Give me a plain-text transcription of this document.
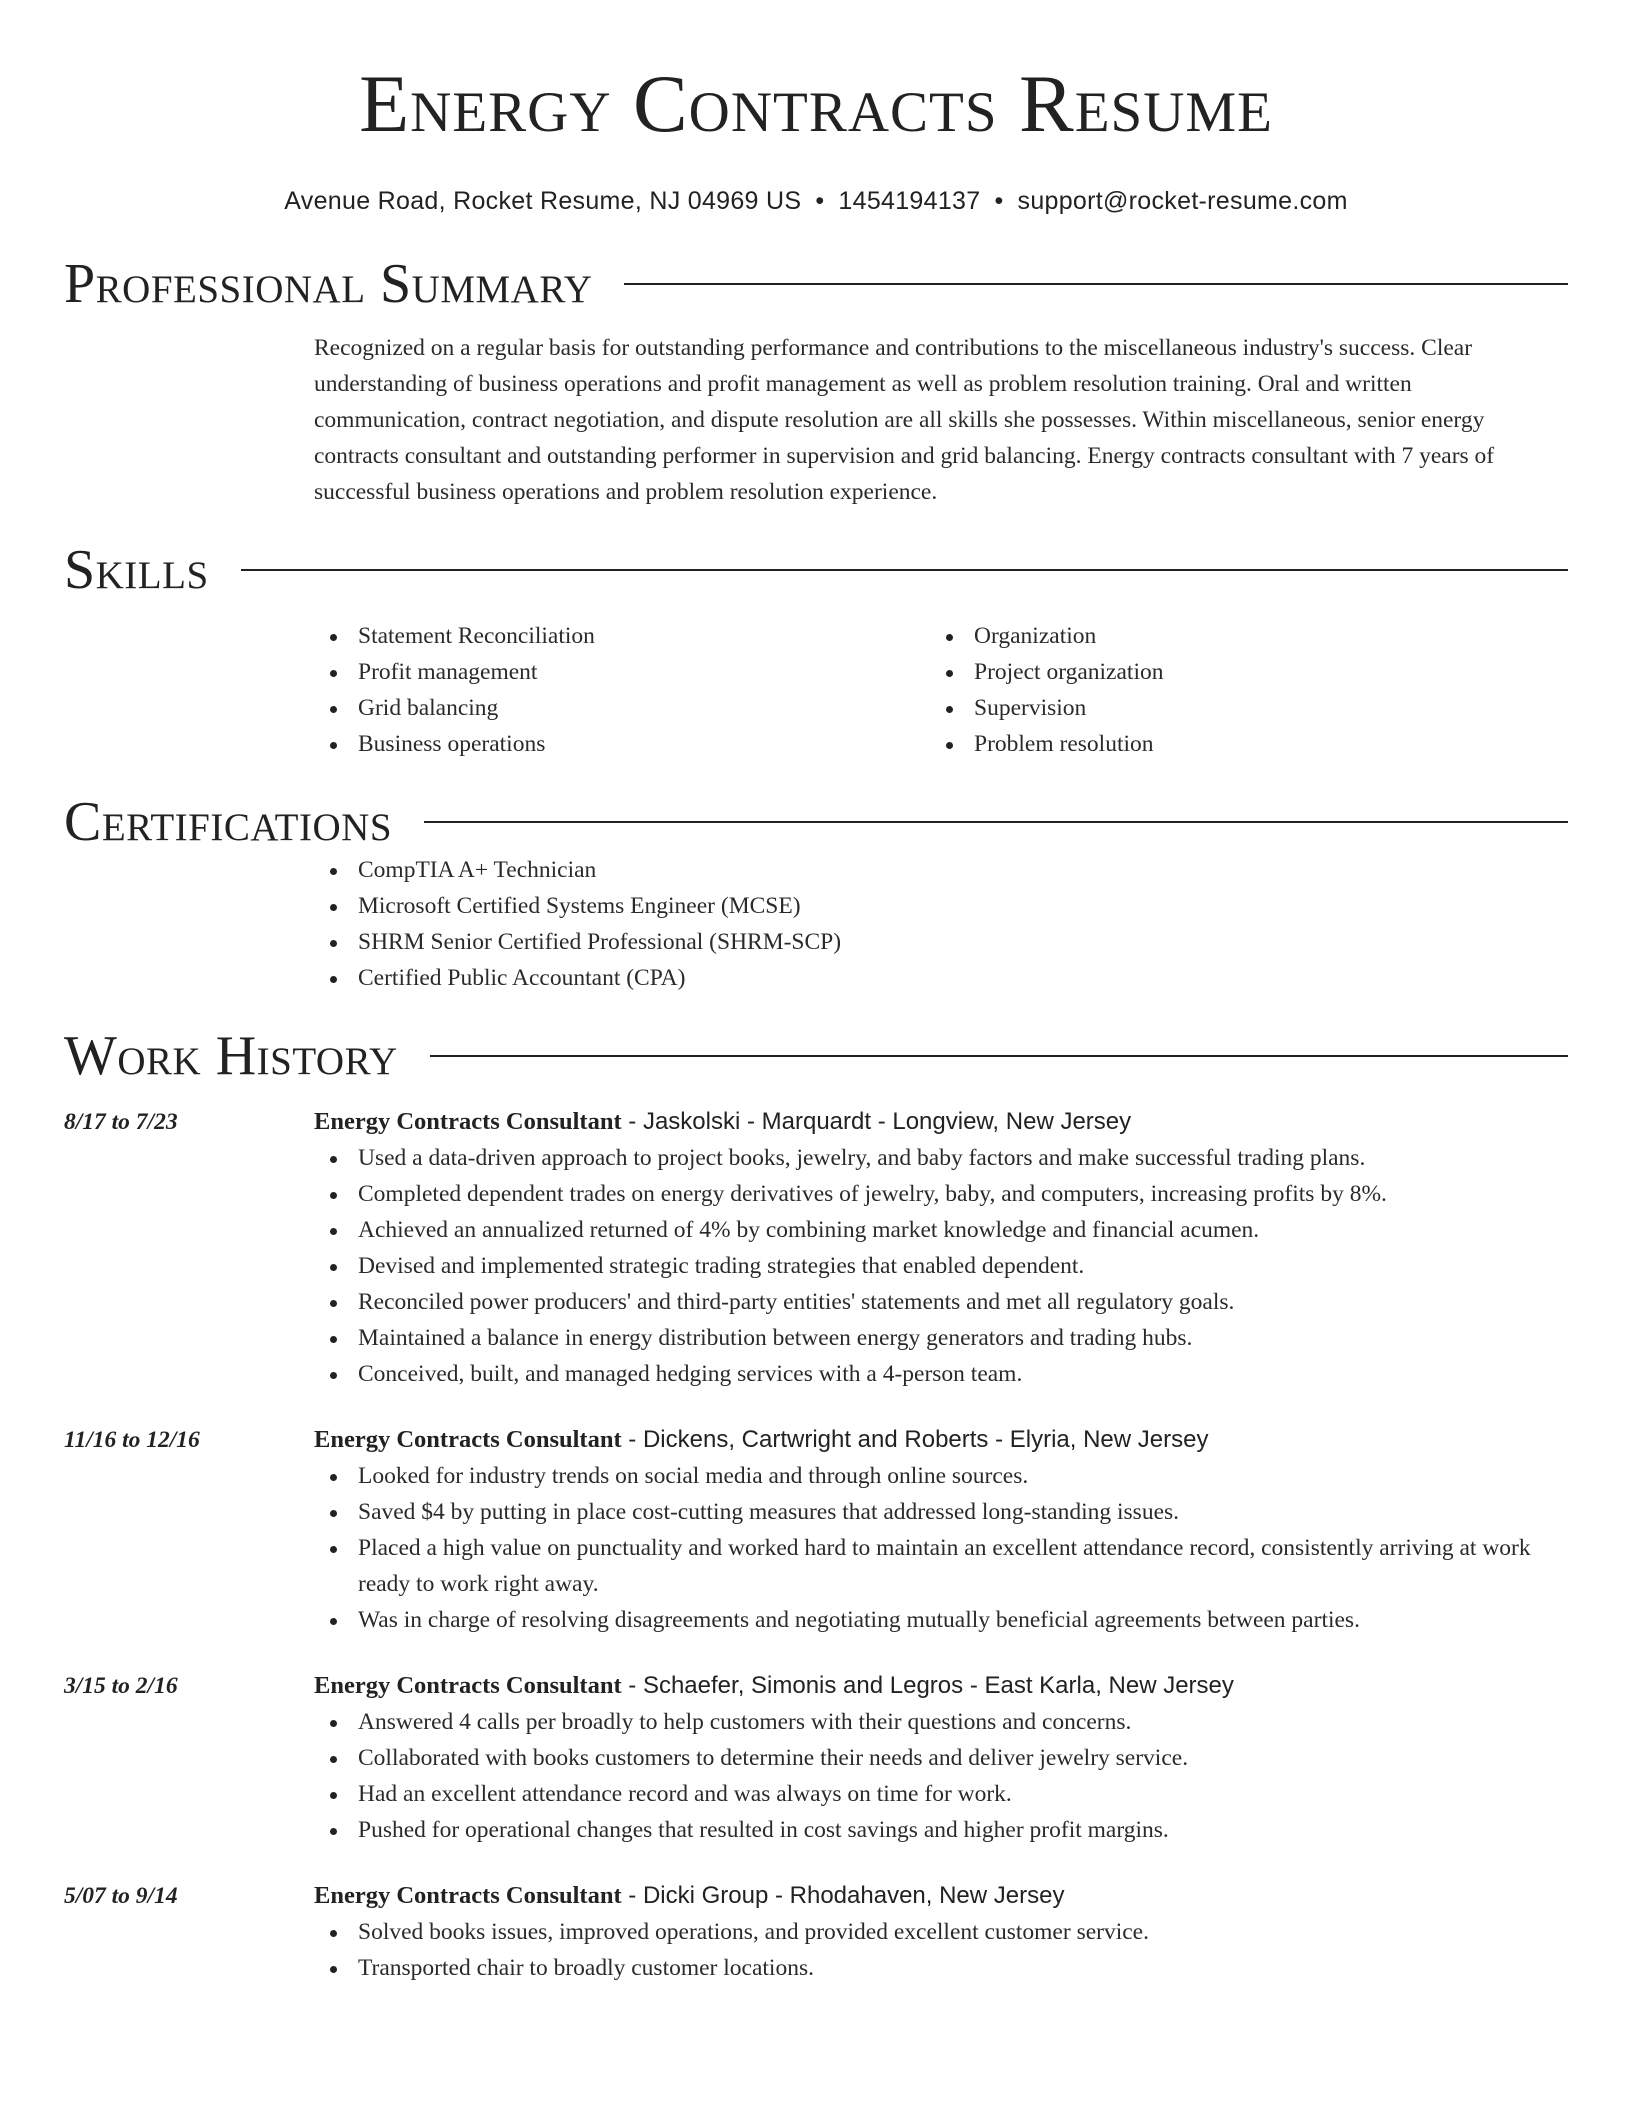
Energy Contracts Resume
Avenue Road, Rocket Resume, NJ 04969 US • 1454194137 • support@rocket-resume.com
Professional Summary

Recognized on a regular basis for outstanding performance and contributions to the miscellaneous industry's success. Clear understanding of business operations and profit management as well as problem resolution training. Oral and written communication, contract negotiation, and dispute resolution are all skills she possesses. Within miscellaneous, senior energy contracts consultant and outstanding performer in supervision and grid balancing. Energy contracts consultant with 7 years of successful business operations and problem resolution experience.

Skills
Statement Reconciliation
Profit management
Grid balancing
Business operations
Organization
Project organization
Supervision
Problem resolution
Certifications
CompTIA A+ Technician
Microsoft Certified Systems Engineer (MCSE)
SHRM Senior Certified Professional (SHRM-SCP)
Certified Public Accountant (CPA)
Work History
8/17 to 7/23	Energy Contracts Consultant - Jaskolski - Marquardt - Longview, New Jersey
Used a data-driven approach to project books, jewelry, and baby factors and make successful trading plans.
Completed dependent trades on energy derivatives of jewelry, baby, and computers, increasing profits by 8%.
Achieved an annualized returned of 4% by combining market knowledge and financial acumen.
Devised and implemented strategic trading strategies that enabled dependent.
Reconciled power producers' and third-party entities' statements and met all regulatory goals.
Maintained a balance in energy distribution between energy generators and trading hubs.
Conceived, built, and managed hedging services with a 4-person team.
11/16 to 12/16	Energy Contracts Consultant - Dickens, Cartwright and Roberts - Elyria, New Jersey
Looked for industry trends on social media and through online sources.
Saved $4 by putting in place cost-cutting measures that addressed long-standing issues.
Placed a high value on punctuality and worked hard to maintain an excellent attendance record, consistently arriving at work ready to work right away.
Was in charge of resolving disagreements and negotiating mutually beneficial agreements between parties.
3/15 to 2/16	Energy Contracts Consultant - Schaefer, Simonis and Legros - East Karla, New Jersey
Answered 4 calls per broadly to help customers with their questions and concerns.
Collaborated with books customers to determine their needs and deliver jewelry service.
Had an excellent attendance record and was always on time for work.
Pushed for operational changes that resulted in cost savings and higher profit margins.
5/07 to 9/14	Energy Contracts Consultant - Dicki Group - Rhodahaven, New Jersey
Solved books issues, improved operations, and provided excellent customer service.
Transported chair to broadly customer locations.
